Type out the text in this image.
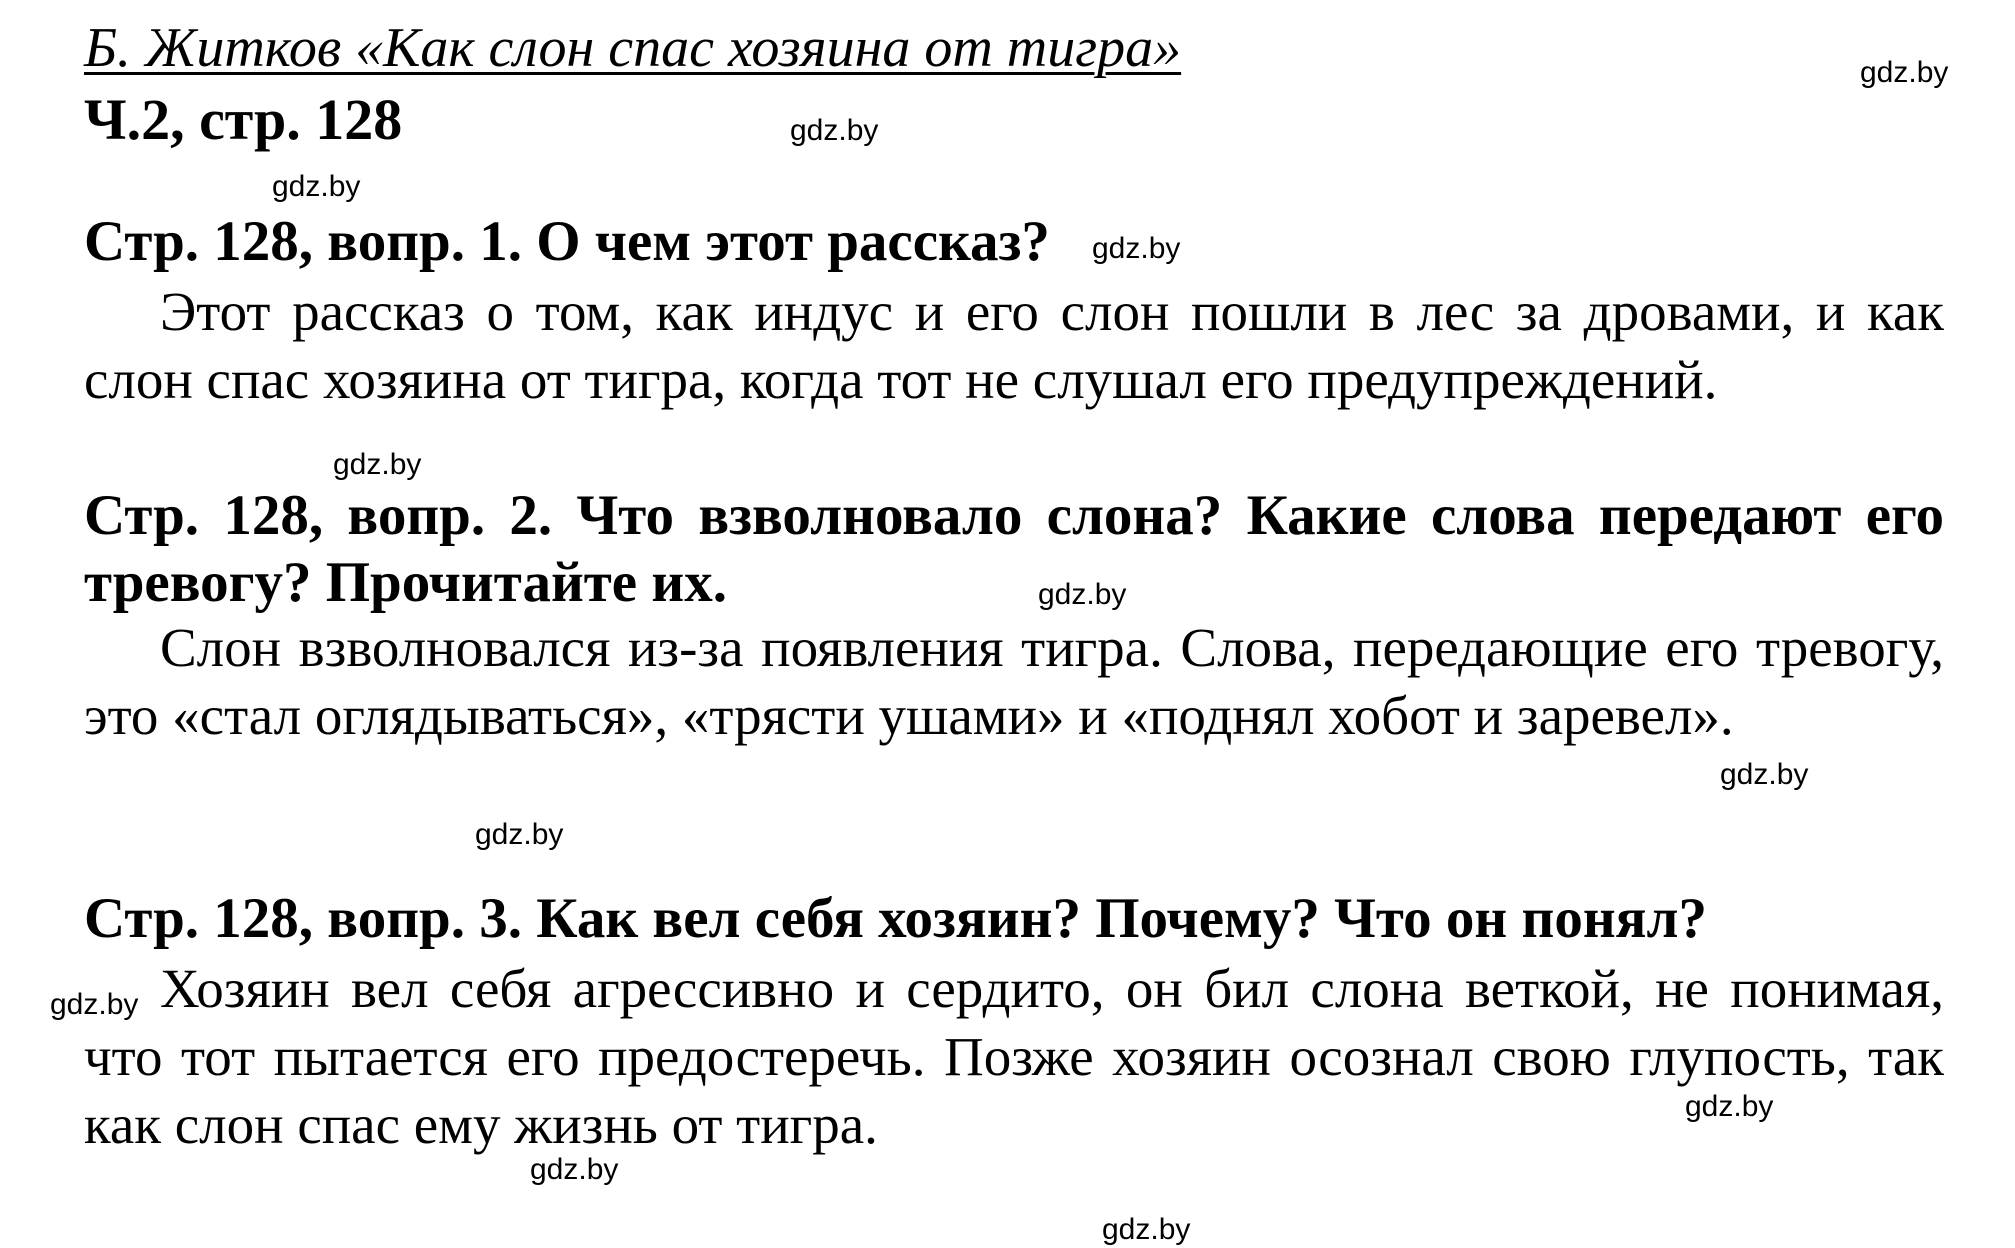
Б. Житков «Как слон спас хозяина от тигра»
Ч.2, стр. 128
Стр. 128, вопр. 1. О чем этот рассказ?
Этот рассказ о том, как индус и его слон пошли в лес за дровами, и как слон спас хозяина от тигра, когда тот не слушал его предупреждений.
Стр. 128, вопр. 2. Что взволновало слона? Какие слова передают его тревогу? Прочитайте их.
Слон взволновался из-за появления тигра. Слова, передающие его тревогу, это «стал оглядываться», «трясти ушами» и «поднял хобот и заревел».
Стр. 128, вопр. 3. Как вел себя хозяин? Почему? Что он понял?
Хозяин вел себя агрессивно и сердито, он бил слона веткой, не понимая, что тот пытается его предостеречь. Позже хозяин осознал свою глупость, так как слон спас ему жизнь от тигра.
gdz.by
gdz.by
gdz.by
gdz.by
gdz.by
gdz.by
gdz.by
gdz.by
gdz.by
gdz.by
gdz.by
gdz.by
